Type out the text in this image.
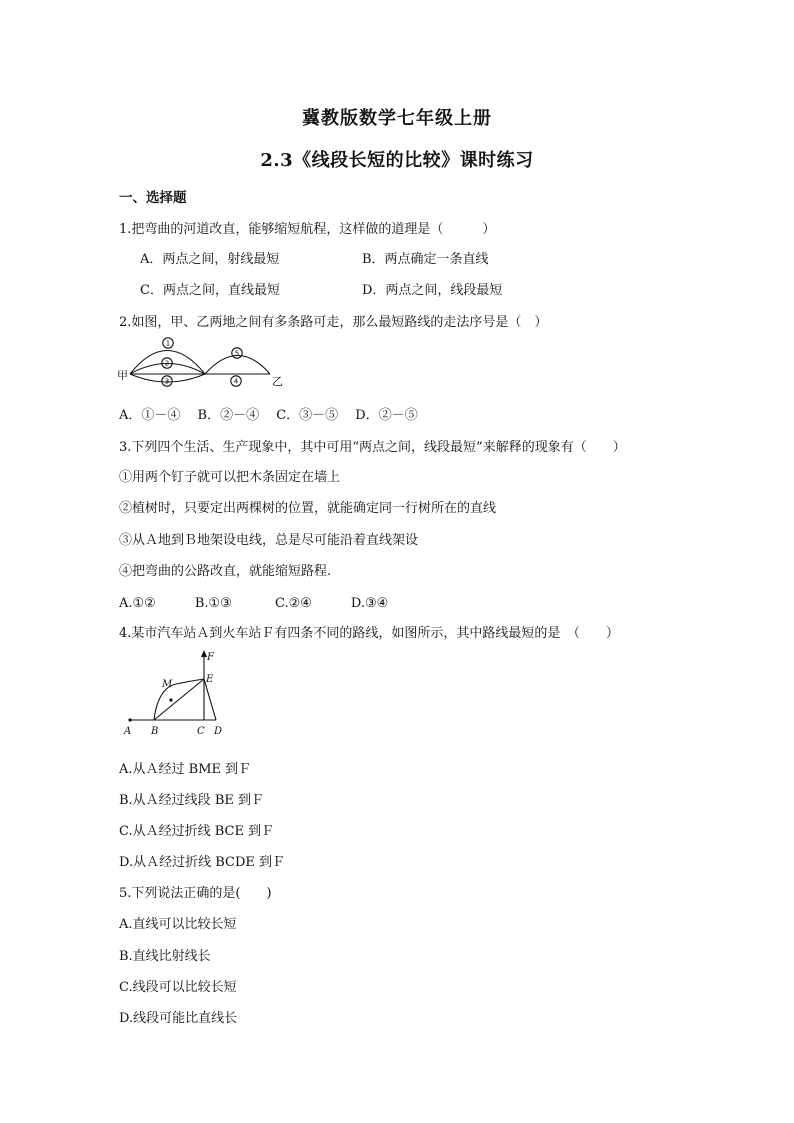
冀教版数学七年级上册
2.3《线段长短的比较》课时练习
一、选择题
1.把弯曲的河道改直，能够缩短航程，这样做的道理是（　　　）
A．两点之间，射线最短	B．两点确定一条直线
C．两点之间，直线最短	D．两点之间，线段最短
2.如图，甲、乙两地之间有多条路可走，那么最短路线的走法序号是（　）
1
2
3	4
5
甲	乙
A．①－④　 B．②－④　 C．③－⑤　 D．②－⑤
3.下列四个生活、生产现象中，其中可用“两点之间，线段最短”来解释的现象有（　　）
①用两个钉子就可以把木条固定在墙上
②植树时，只要定出两棵树的位置，就能确定同一行树所在的直线
③从Ａ地到Ｂ地架设电线，总是尽可能沿着直线架设
④把弯曲的公路改直，就能缩短路程.
A.①②　　　B.①③　　　 C.②④　　　D.③④
4.某市汽车站Ａ到火车站Ｆ有四条不同的路线，如图所示，其中路线最短的是　（　　）
A B	C D
E
F
M
A.从Ａ经过 BME 到Ｆ
B.从Ａ经过线段 BE 到Ｆ
C.从Ａ经过折线 BCE 到Ｆ
D.从Ａ经过折线 BCDE 到Ｆ
5.下列说法正确的是(　　)
A.直线可以比较长短
B.直线比射线长
C.线段可以比较长短
D.线段可能比直线长
